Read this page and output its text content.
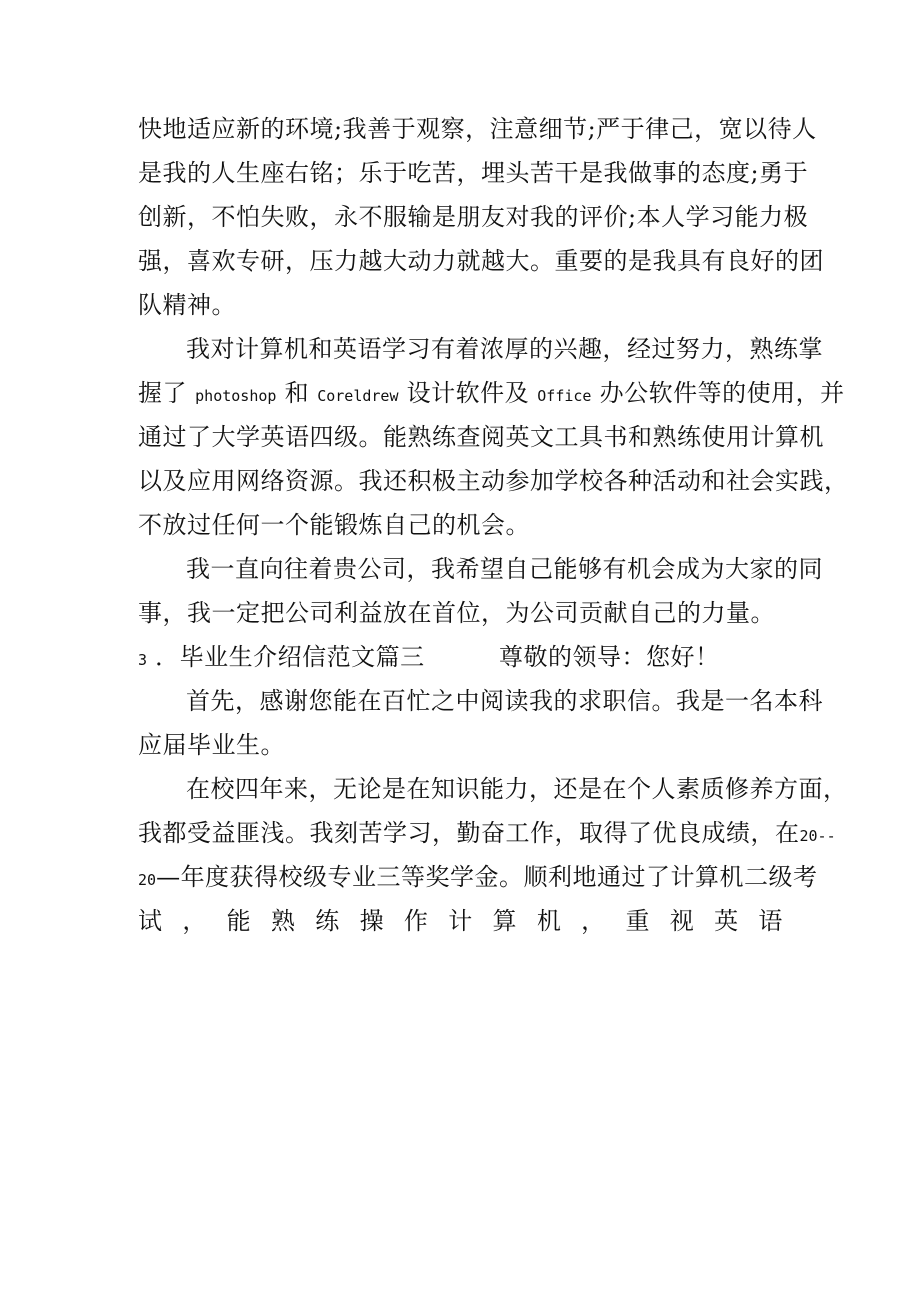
快地适应新的环境;我善于观察，注意细节;严于律己，宽以待人
是我的人生座右铭；乐于吃苦，埋头苦干是我做事的态度;勇于
创新，不怕失败，永不服输是朋友对我的评价;本人学习能力极
强，喜欢专研，压力越大动力就越大。重要的是我具有良好的团
队精神。
我对计算机和英语学习有着浓厚的兴趣，经过努力，熟练掌
握了 photoshop 和 Coreldrew 设计软件及 Office 办公软件等的使用，并
通过了大学英语四级。能熟练查阅英文工具书和熟练使用计算机
以及应用网络资源。我还积极主动参加学校各种活动和社会实践，
不放过任何一个能锻炼自己的机会。
我一直向往着贵公司，我希望自己能够有机会成为大家的同
事，我一定把公司利益放在首位，为公司贡献自己的力量。
3 ．毕业生介绍信范文篇三	尊敬的领导：您好！
首先，感谢您能在百忙之中阅读我的求职信。我是一名本科
应届毕业生。
在校四年来，无论是在知识能力，还是在个人素质修养方面，
我都受益匪浅。我刻苦学习，勤奋工作，取得了优良成绩，在20--
20—年度获得校级专业三等奖学金。顺利地通过了计算机二级考
试 ， 能 熟 练 操 作 计 算 机 ， 重 视 英 语
